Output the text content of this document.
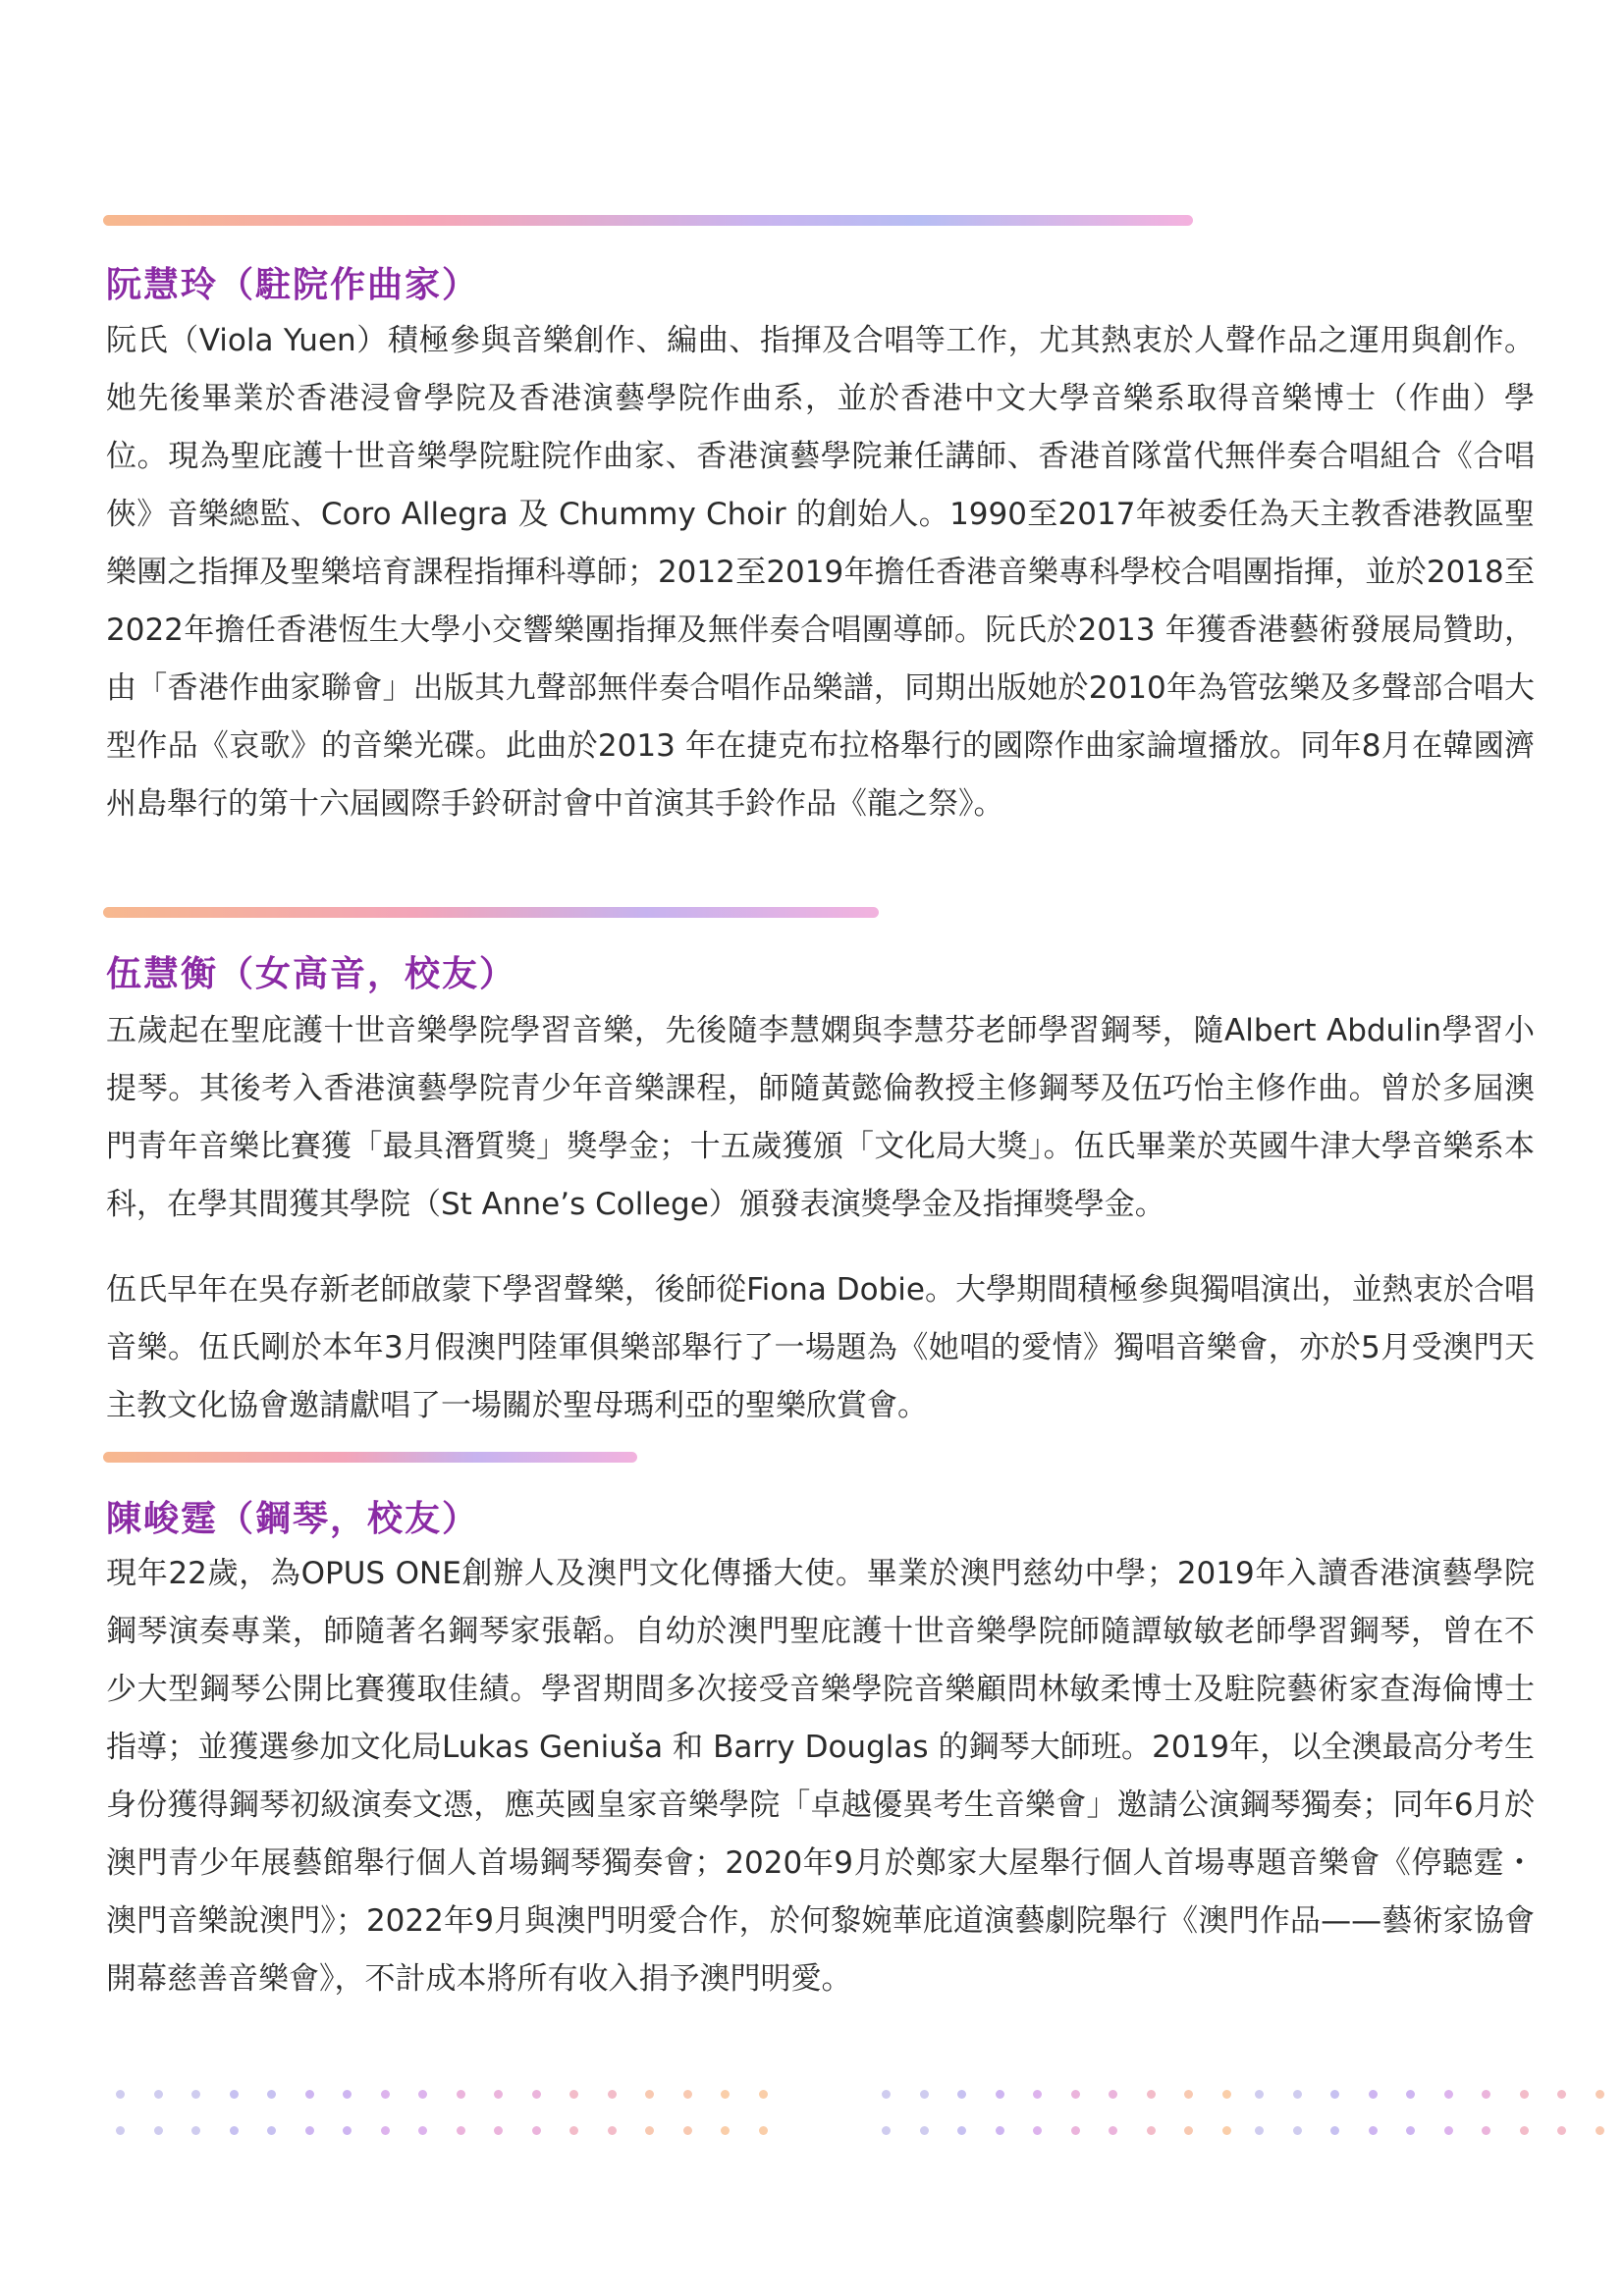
阮慧玲（駐院作曲家）

阮氏（Viola Yuen）積極參與音樂創作、編曲、指揮及合唱等工作，尤其熱衷於人聲作品之運用與創作。她先後畢業於香港浸會學院及香港演藝學院作曲系，並於香港中文大學音樂系取得音樂博士（作曲）學位。現為聖庇護十世音樂學院駐院作曲家、香港演藝學院兼任講師、香港首隊當代無伴奏合唱組合《合唱俠》音樂總監、Coro Allegra 及 Chummy Choir 的創始人。1990至2017年被委任為天主教香港教區聖樂團之指揮及聖樂培育課程指揮科導師；2012至2019年擔任香港音樂專科學校合唱團指揮，並於2018至2022年擔任香港恆生大學小交響樂團指揮及無伴奏合唱團導師。阮氏於2013 年獲香港藝術發展局贊助，由「香港作曲家聯會」出版其九聲部無伴奏合唱作品樂譜，同期出版她於2010年為管弦樂及多聲部合唱大型作品《哀歌》的音樂光碟。此曲於2013 年在捷克布拉格舉行的國際作曲家論壇播放。同年8月在韓國濟州島舉行的第十六屆國際手鈴研討會中首演其手鈴作品《龍之祭》。

伍慧衡（女高音，校友）

五歲起在聖庇護十世音樂學院學習音樂，先後隨李慧嫻與李慧芬老師學習鋼琴，隨Albert Abdulin學習小提琴。其後考入香港演藝學院青少年音樂課程，師隨黃懿倫教授主修鋼琴及伍巧怡主修作曲。曾於多屆澳門青年音樂比賽獲「最具潛質獎」獎學金；十五歲獲頒「文化局大獎」。伍氏畢業於英國牛津大學音樂系本科，在學其間獲其學院（St Anne’s College）頒發表演獎學金及指揮獎學金。

伍氏早年在吳存新老師啟蒙下學習聲樂，後師從Fiona Dobie。大學期間積極參與獨唱演出，並熱衷於合唱音樂。伍氏剛於本年3月假澳門陸軍俱樂部舉行了一場題為《她唱的愛情》獨唱音樂會，亦於5月受澳門天主教文化協會邀請獻唱了一場關於聖母瑪利亞的聖樂欣賞會。

陳峻霆（鋼琴，校友）

現年22歲，為OPUS ONE創辦人及澳門文化傳播大使。畢業於澳門慈幼中學；2019年入讀香港演藝學院鋼琴演奏專業，師隨著名鋼琴家張韜。自幼於澳門聖庇護十世音樂學院師隨譚敏敏老師學習鋼琴，曾在不少大型鋼琴公開比賽獲取佳績。學習期間多次接受音樂學院音樂顧問林敏柔博士及駐院藝術家查海倫博士指導；並獲選參加文化局Lukas Geniuša 和 Barry Douglas 的鋼琴大師班。2019年，以全澳最高分考生身份獲得鋼琴初級演奏文憑，應英國皇家音樂學院「卓越優異考生音樂會」邀請公演鋼琴獨奏；同年6月於澳門青少年展藝館舉行個人首場鋼琴獨奏會；2020年9月於鄭家大屋舉行個人首場專題音樂會《停聽霆・澳門音樂說澳門》；2022年9月與澳門明愛合作，於何黎婉華庇道演藝劇院舉行《澳門作品——藝術家協會開幕慈善音樂會》，不計成本將所有收入捐予澳門明愛。
